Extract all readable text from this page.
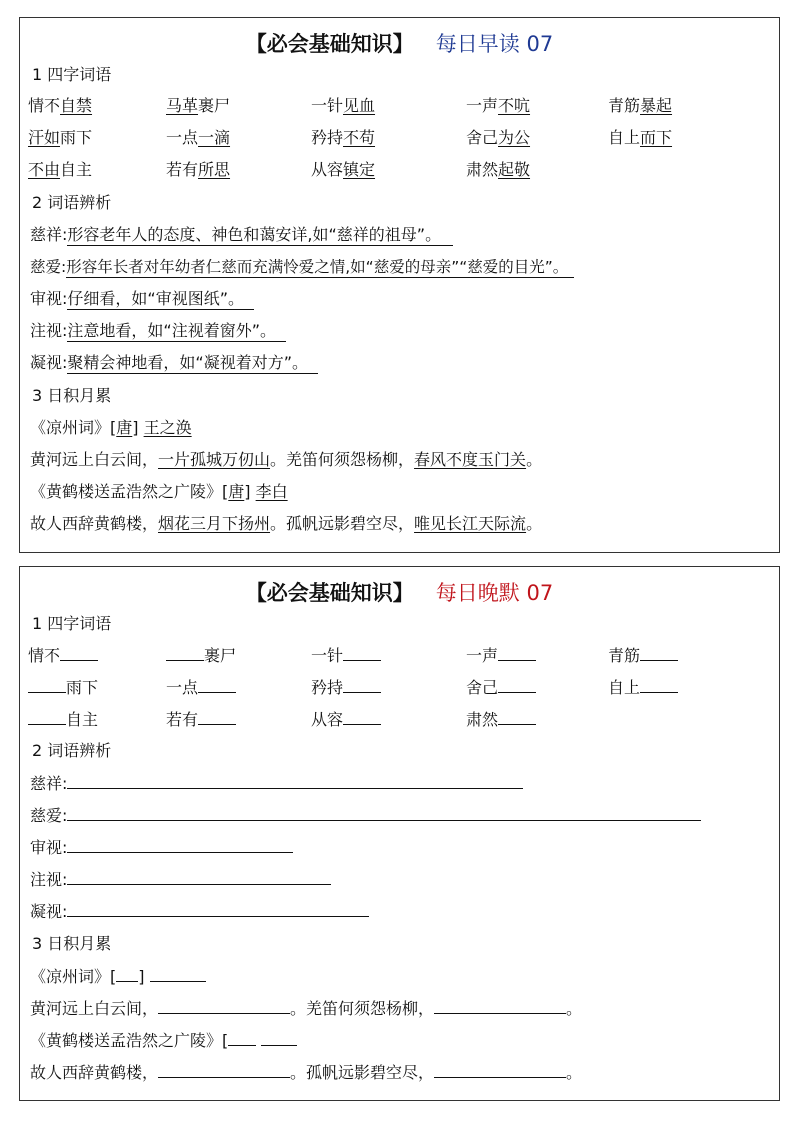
【必会基础知识】 每日早读 07
1 四字词语
情不自禁	马革裹尸	一针见血	一声不吭	青筋暴起
汗如雨下	一点一滴	矜持不苟	舍己为公	自上而下
不由自主	若有所思	从容镇定	肃然起敬
2 词语辨析
慈祥:形容老年人的态度、神色和蔼安详,如“慈祥的祖母”。
慈爱:形容年长者对年幼者仁慈而充满怜爱之情,如“慈爱的母亲”“慈爱的目光”。
审视:仔细看，如“审视图纸”。
注视:注意地看，如“注视着窗外”。
凝视:聚精会神地看，如“凝视着对方”。
3 日积月累
《凉州词》[唐] 王之涣
黄河远上白云间，一片孤城万仞山。羌笛何须怨杨柳，春风不度玉门关。
《黄鹤楼送孟浩然之广陵》[唐] 李白
故人西辞黄鹤楼，烟花三月下扬州。孤帆远影碧空尽，唯见长江天际流。
【必会基础知识】 每日晚默 07
1 四字词语
情不	裹尸	一针	一声	青筋
雨下	一点	矜持	舍己	自上
自主	若有	从容	肃然
2 词语辨析
慈祥:
慈爱:
审视:
注视:
凝视:
3 日积月累
《凉州词》[ ]
黄河远上白云间，	。羌笛何须怨杨柳，	。
《黄鹤楼送孟浩然之广陵》[
故人西辞黄鹤楼，	。孤帆远影碧空尽，	。
